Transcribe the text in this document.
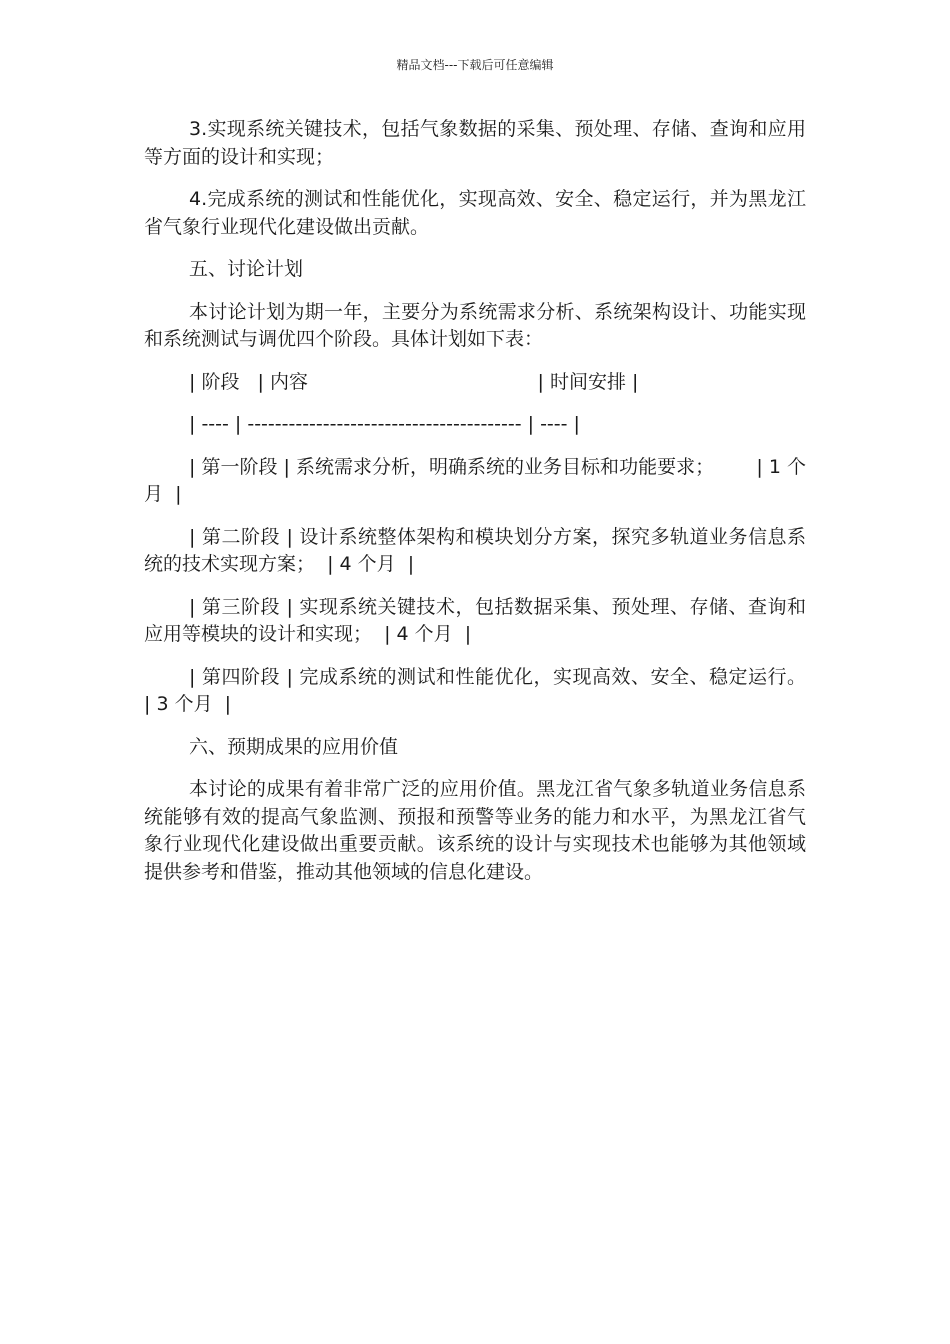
精品文档---下载后可任意编辑

3.实现系统关键技术，包括气象数据的采集、预处理、存储、查询和应用等方面的设计和实现；

4.完成系统的测试和性能优化，实现高效、安全、稳定运行，并为黑龙江省气象行业现代化建设做出贡献。

五、讨论计划

本讨论计划为期一年，主要分为系统需求分析、系统架构设计、功能实现和系统测试与调优四个阶段。具体计划如下表：

| 阶段   | 内容                                      | 时间安排 |

| ---- | ---------------------------------------- | ---- |

| 第一阶段 | 系统需求分析，明确系统的业务目标和功能要求；       | 1 个月  |

| 第二阶段 | 设计系统整体架构和模块划分方案，探究多轨道业务信息系统的技术实现方案；  | 4 个月  |

| 第三阶段 | 实现系统关键技术，包括数据采集、预处理、存储、查询和应用等模块的设计和实现；  | 4 个月  |

| 第四阶段 | 完成系统的测试和性能优化，实现高效、安全、稳定运行。  | 3 个月  |

六、预期成果的应用价值

本讨论的成果有着非常广泛的应用价值。黑龙江省气象多轨道业务信息系统能够有效的提高气象监测、预报和预警等业务的能力和水平，为黑龙江省气象行业现代化建设做出重要贡献。该系统的设计与实现技术也能够为其他领域提供参考和借鉴，推动其他领域的信息化建设。
